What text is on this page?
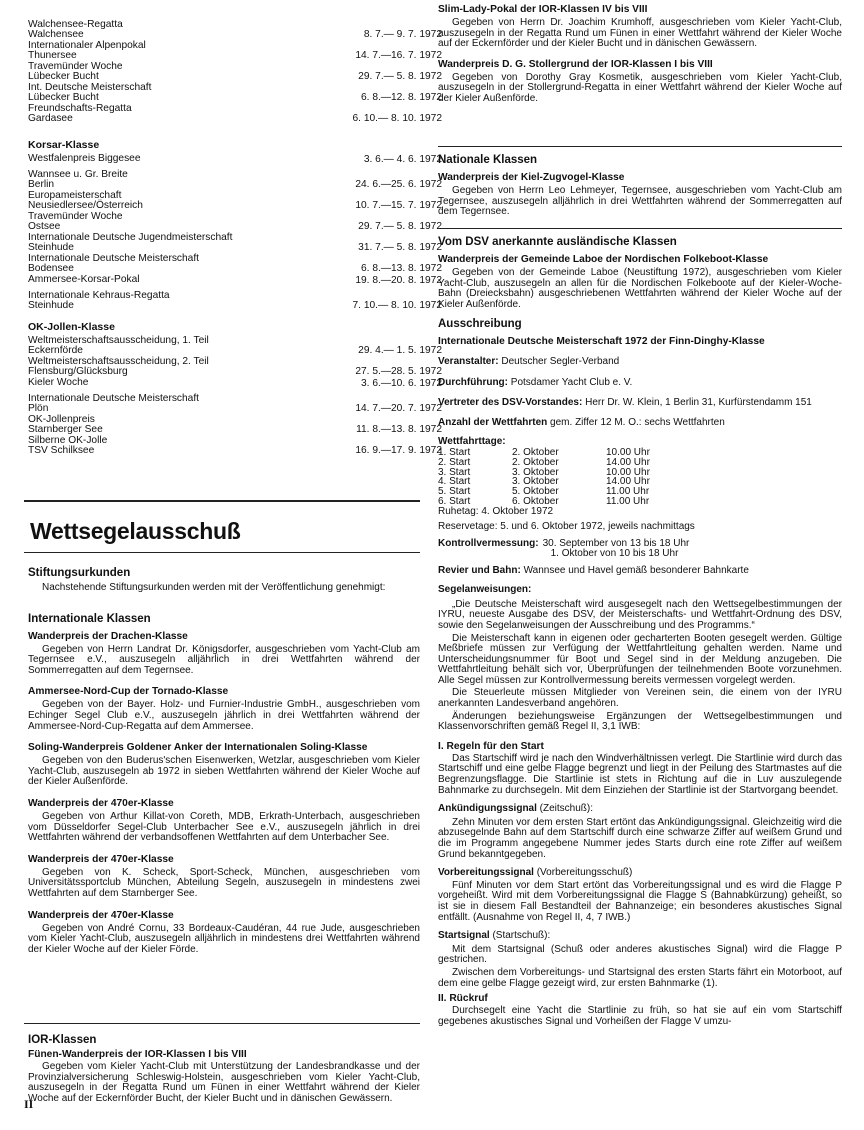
Walchensee-Regatta
Walchensee	8. 7.— 9. 7. 1972
Internationaler Alpenpokal
Thunersee	14. 7.—16. 7. 1972
Travemünder Woche
Lübecker Bucht	29. 7.— 5. 8. 1972
Int. Deutsche Meisterschaft
Lübecker Bucht	6. 8.—12. 8. 1972
Freundschafts-Regatta
Gardasee	6. 10.— 8. 10. 1972
Korsar-Klasse
Westfalenpreis Biggesee	3. 6.— 4. 6. 1972
Wannsee u. Gr. Breite
Berlin	24. 6.—25. 6. 1972
Europameisterschaft
Neusiedlersee/Österreich	10. 7.—15. 7. 1972
Travemünder Woche
Ostsee	29. 7.— 5. 8. 1972
Internationale Deutsche Jugendmeisterschaft
Steinhude	31. 7.— 5. 8. 1972
Internationale Deutsche Meisterschaft
Bodensee	6. 8.—13. 8. 1972
Ammersee-Korsar-Pokal	19. 8.—20. 8. 1972
Internationale Kehraus-Regatta
Steinhude	7. 10.— 8. 10. 1972
OK-Jollen-Klasse
Weltmeisterschaftsausscheidung, 1. Teil
Eckernförde	29. 4.— 1. 5. 1972
Weltmeisterschaftsausscheidung, 2. Teil
Flensburg/Glücksburg	27. 5.—28. 5. 1972
Kieler Woche	3. 6.—10. 6. 1972
Internationale Deutsche Meisterschaft
Plön	14. 7.—20. 7. 1972
OK-Jollenpreis
Starnberger See	11. 8.—13. 8. 1972
Silberne OK-Jolle
TSV Schilksee	16. 9.—17. 9. 1972
Wettsegelausschuß
Stiftungsurkunden

Nachstehende Stiftungsurkunden werden mit der Veröffentlichung genehmigt:

Internationale Klassen
Wanderpreis der Drachen-Klasse

Gegeben von Herrn Landrat Dr. Königsdorfer, ausgeschrieben vom Yacht-Club am Tegernsee e.V., auszusegeln alljährlich in drei Wettfahrten während der Sommerregatten auf dem Tegernsee.

Ammersee-Nord-Cup der Tornado-Klasse

Gegeben von der Bayer. Holz- und Furnier-Industrie GmbH., ausgeschrieben vom Echinger Segel Club e.V., auszusegeln jährlich in drei Wettfahrten während der Ammersee-Nord-Cup-Regatta auf dem Ammersee.

Soling-Wanderpreis Goldener Anker der Internationalen Soling-Klasse

Gegeben von den Buderus'schen Eisenwerken, Wetzlar, ausgeschrieben vom Kieler Yacht-Club, auszusegeln ab 1972 in sieben Wettfahrten während der Kieler Woche auf der Kieler Außenförde.

Wanderpreis der 470er-Klasse

Gegeben von Arthur Killat-von Coreth, MDB, Erkrath-Unterbach, ausgeschrieben vom Düsseldorfer Segel-Club Unterbacher See e.V., auszusegeln jährlich in drei Wettfahrten während der verbandsoffenen Wettfahrten auf dem Unterbacher See.

Wanderpreis der 470er-Klasse

Gegeben von K. Scheck, Sport-Scheck, München, ausgeschrieben vom Universitätssportclub München, Abteilung Segeln, auszusegeln in mindestens zwei Wettfahrten auf dem Starnberger See.

Wanderpreis der 470er-Klasse

Gegeben von André Cornu, 33 Bordeaux-Caudéran, 44 rue Jude, ausgeschrieben vom Kieler Yacht-Club, auszusegeln alljährlich in mindestens drei Wettfahrten während der Kieler Woche auf der Kieler Förde.

IOR-Klassen
Fünen-Wanderpreis der IOR-Klassen I bis VIII

Gegeben vom Kieler Yacht-Club mit Unterstützung der Landesbrandkasse und der Provinzialversicherung Schleswig-Holstein, ausgeschrieben vom Kieler Yacht-Club, auszusegeln in der Regatta Rund um Fünen in einer Wettfahrt während der Kieler Woche auf der Eckernförder Bucht, der Kieler Bucht und in dänischen Gewässern.

II
Slim-Lady-Pokal der IOR-Klassen IV bis VIII

Gegeben von Herrn Dr. Joachim Krumhoff, ausgeschrieben vom Kieler Yacht-Club, auszusegeln in der Regatta Rund um Fünen in einer Wettfahrt während der Kieler Woche auf der Eckernförder und der Kieler Bucht und in dänischen Gewässern.

Wanderpreis D. G. Stollergrund der IOR-Klassen I bis VIII

Gegeben von Dorothy Gray Kosmetik, ausgeschrieben vom Kieler Yacht-Club, auszusegeln in der Stollergrund-Regatta in einer Wettfahrt während der Kieler Woche auf der Kieler Außenförde.

Nationale Klassen
Wanderpreis der Kiel-Zugvogel-Klasse

Gegeben von Herrn Leo Lehmeyer, Tegernsee, ausgeschrieben vom Yacht-Club am Tegernsee, auszusegeln alljährlich in drei Wettfahrten während der Sommerregatten auf dem Tegernsee.

Vom DSV anerkannte ausländische Klassen
Wanderpreis der Gemeinde Laboe der Nordischen Folkeboot-Klasse

Gegeben von der Gemeinde Laboe (Neustiftung 1972), ausgeschrieben vom Kieler Yacht-Club, auszusegeln an allen für die Nordischen Folkeboote auf der Kieler-Woche-Bahn (Dreiecksbahn) ausgeschriebenen Wettfahrten während der Kieler Woche auf der Kieler Außenförde.

Ausschreibung
Internationale Deutsche Meisterschaft 1972 der Finn-Dinghy-Klasse

Veranstalter: Deutscher Segler-Verband

Durchführung: Potsdamer Yacht Club e. V.

Vertreter des DSV-Vorstandes: Herr Dr. W. Klein, 1 Berlin 31, Kurfürstendamm 151

Anzahl der Wettfahrten gem. Ziffer 12 M. O.: sechs Wettfahrten

Wettfahrttage:

1. Start	2. Oktober	10.00 Uhr
2. Start	2. Oktober	14.00 Uhr
3. Start	3. Oktober	10.00 Uhr
4. Start	3. Oktober	14.00 Uhr
5. Start	5. Oktober	11.00 Uhr
6. Start	6. Oktober	11.00 Uhr

Ruhetag: 4. Oktober 1972

Reservetage: 5. und 6. Oktober 1972, jeweils nachmittags

Kontrollvermessung:	30. September von 13 bis 18 Uhr
	1. Oktober von 10 bis 18 Uhr

Revier und Bahn: Wannsee und Havel gemäß besonderer Bahnkarte

Segelanweisungen:

„Die Deutsche Meisterschaft wird ausgesegelt nach den Wettsegelbestimmungen der IYRU, neueste Ausgabe des DSV, der Meisterschafts- und Wettfahrt-Ordnung des DSV, sowie den Segelanweisungen der Ausschreibung und des Programms.“

Die Meisterschaft kann in eigenen oder gecharterten Booten gesegelt werden. Gültige Meßbriefe müssen zur Verfügung der Wettfahrtleitung gehalten werden. Name und Unterscheidungsnummer für Boot und Segel sind in der Meldung anzugeben. Die Wettfahrtleitung behält sich vor, Überprüfungen der teilnehmenden Boote vorzunehmen. Alle Segel müssen zur Kontrollvermessung bereits vermessen vorgelegt werden.

Die Steuerleute müssen Mitglieder von Vereinen sein, die einem von der IYRU anerkannten Landesverband angehören.

Änderungen beziehungsweise Ergänzungen der Wettsegelbestimmungen und Klassenvorschriften gemäß Regel II, 3,1 IWB:

I. Regeln für den Start

Das Startschiff wird je nach den Windverhältnissen verlegt. Die Startlinie wird durch das Startschiff und eine gelbe Flagge begrenzt und liegt in der Peilung des Startmastes auf die Begrenzungsflagge. Die Startlinie ist stets in Richtung auf die in Luv auszulegende Bahnmarke zu durchsegeln. Mit dem Einziehen der Startlinie ist der Startvorgang beendet.

Ankündigungssignal (Zeitschuß):

Zehn Minuten vor dem ersten Start ertönt das Ankündigungssignal. Gleichzeitig wird die abzusegelnde Bahn auf dem Startschiff durch eine schwarze Ziffer auf weißem Grund und die im Programm angegebene Nummer jedes Starts durch eine rote Ziffer auf weißem Grund bekanntgegeben.

Vorbereitungssignal (Vorbereitungsschuß)

Fünf Minuten vor dem Start ertönt das Vorbereitungssignal und es wird die Flagge P vorgeheißt. Wird mit dem Vorbereitungssignal die Flagge S (Bahnabkürzung) geheißt, so ist sie in diesem Fall Bestandteil der Bahnanzeige; ein besonderes akustisches Signal entfällt. (Ausnahme von Regel II, 4, 7 IWB.)

Startsignal (Startschuß):

Mit dem Startsignal (Schuß oder anderes akustisches Signal) wird die Flagge P gestrichen.

Zwischen dem Vorbereitungs- und Startsignal des ersten Starts fährt ein Motorboot, auf dem eine gelbe Flagge gezeigt wird, zur ersten Bahnmarke (1).

II. Rückruf

Durchsegelt eine Yacht die Startlinie zu früh, so hat sie auf ein vom Startschiff gegebenes akustisches Signal und Vorheißen der Flagge V umzu-
